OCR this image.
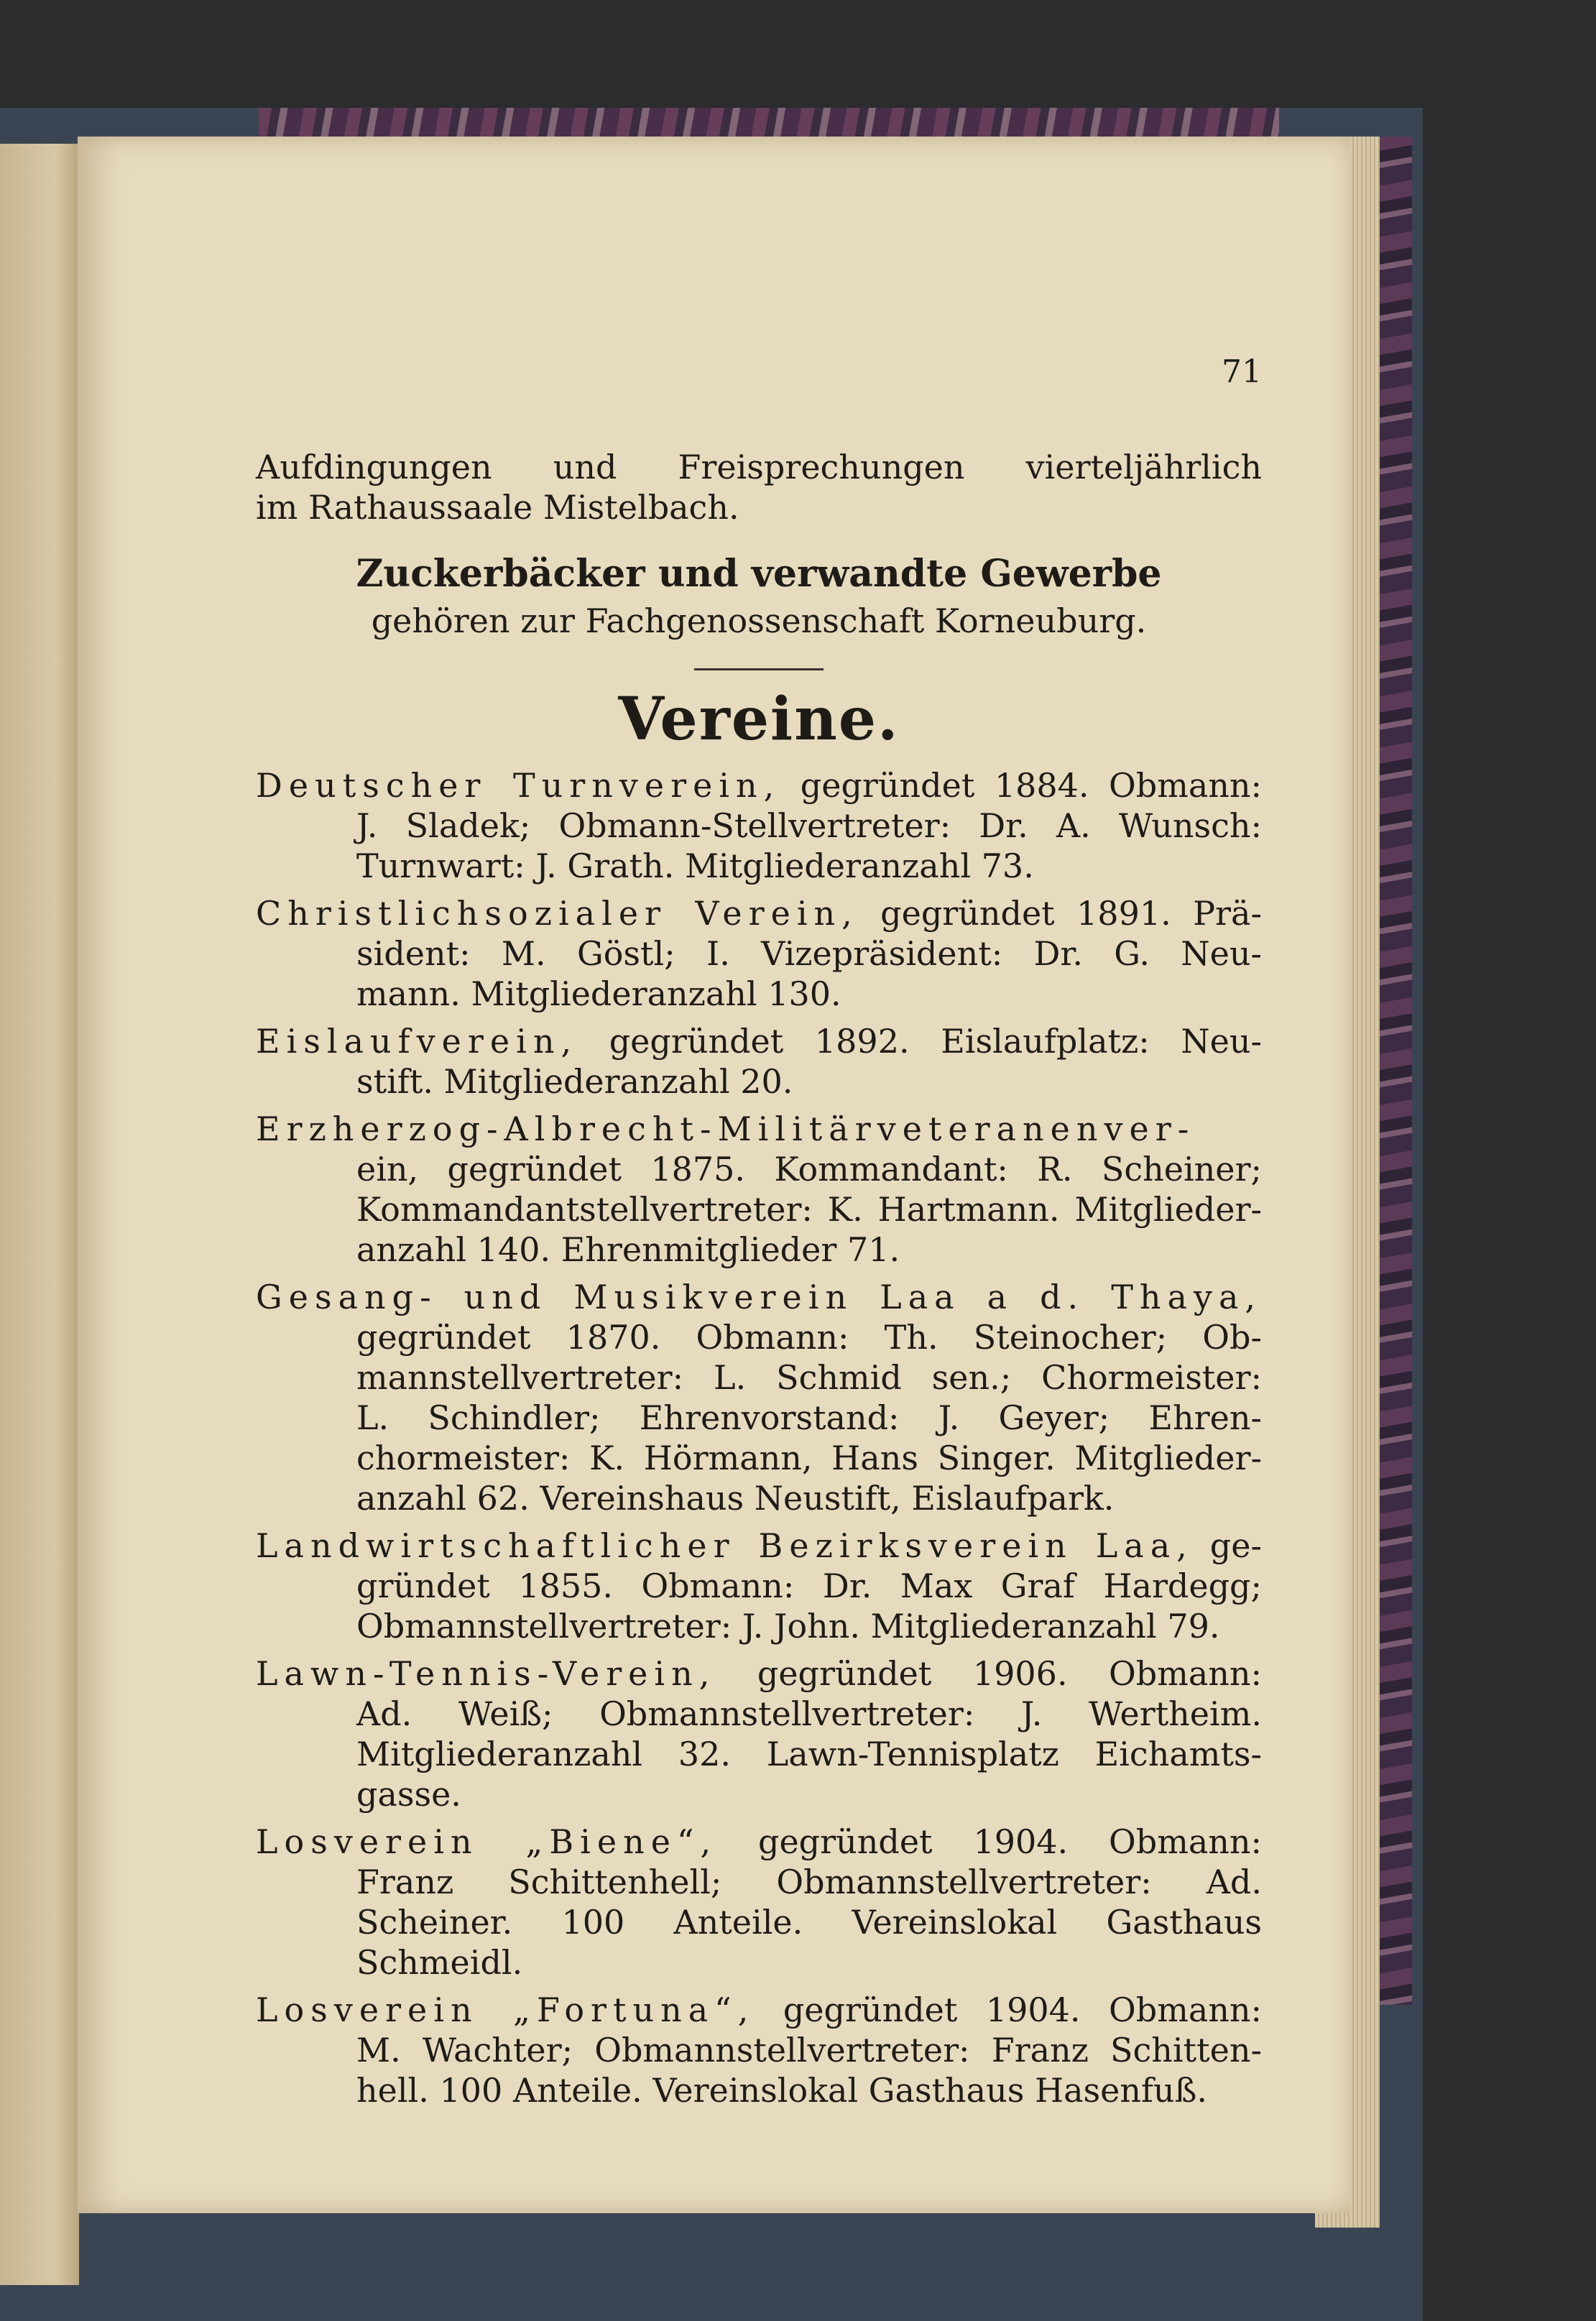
71
Aufdingungen und Freisprechungen vierteljährlich
im Rathaussaale Mistelbach.
Zuckerbäcker und verwandte Gewerbe
gehören zur Fachgenossenschaft Korneuburg.
Vereine.
Deutscher Turnverein, gegründet 1884. Obmann:
J. Sladek; Obmann-Stellvertreter: Dr. A. Wunsch:
Turnwart: J. Grath. Mitgliederanzahl 73.
Christlichsozialer Verein, gegründet 1891. Prä-
sident: M. Göstl; I. Vizepräsident: Dr. G. Neu-
mann. Mitgliederanzahl 130.
Eislaufverein, gegründet 1892. Eislaufplatz: Neu-
stift. Mitgliederanzahl 20.
Erzherzog-Albrecht-Militärveteranenver-
ein, gegründet 1875. Kommandant: R. Scheiner;
Kommandantstellvertreter: K. Hartmann. Mitglieder-
anzahl 140. Ehrenmitglieder 71.
Gesang- und Musikverein Laa a d. Thaya,
gegründet 1870. Obmann: Th. Steinocher; Ob-
mannstellvertreter: L. Schmid sen.; Chormeister:
L. Schindler; Ehrenvorstand: J. Geyer; Ehren-
chormeister: K. Hörmann, Hans Singer. Mitglieder-
anzahl 62. Vereinshaus Neustift, Eislaufpark.
Landwirtschaftlicher Bezirksverein Laa, ge-
gründet 1855. Obmann: Dr. Max Graf Hardegg;
Obmannstellvertreter: J. John. Mitgliederanzahl 79.
Lawn-Tennis-Verein, gegründet 1906. Obmann:
Ad. Weiß; Obmannstellvertreter: J. Wertheim.
Mitgliederanzahl 32. Lawn-Tennisplatz Eichamts-
gasse.
Losverein „Biene“, gegründet 1904. Obmann:
Franz Schittenhell; Obmannstellvertreter: Ad.
Scheiner. 100 Anteile. Vereinslokal Gasthaus
Schmeidl.
Losverein „Fortuna“, gegründet 1904. Obmann:
M. Wachter; Obmannstellvertreter: Franz Schitten-
hell. 100 Anteile. Vereinslokal Gasthaus Hasenfuß.
